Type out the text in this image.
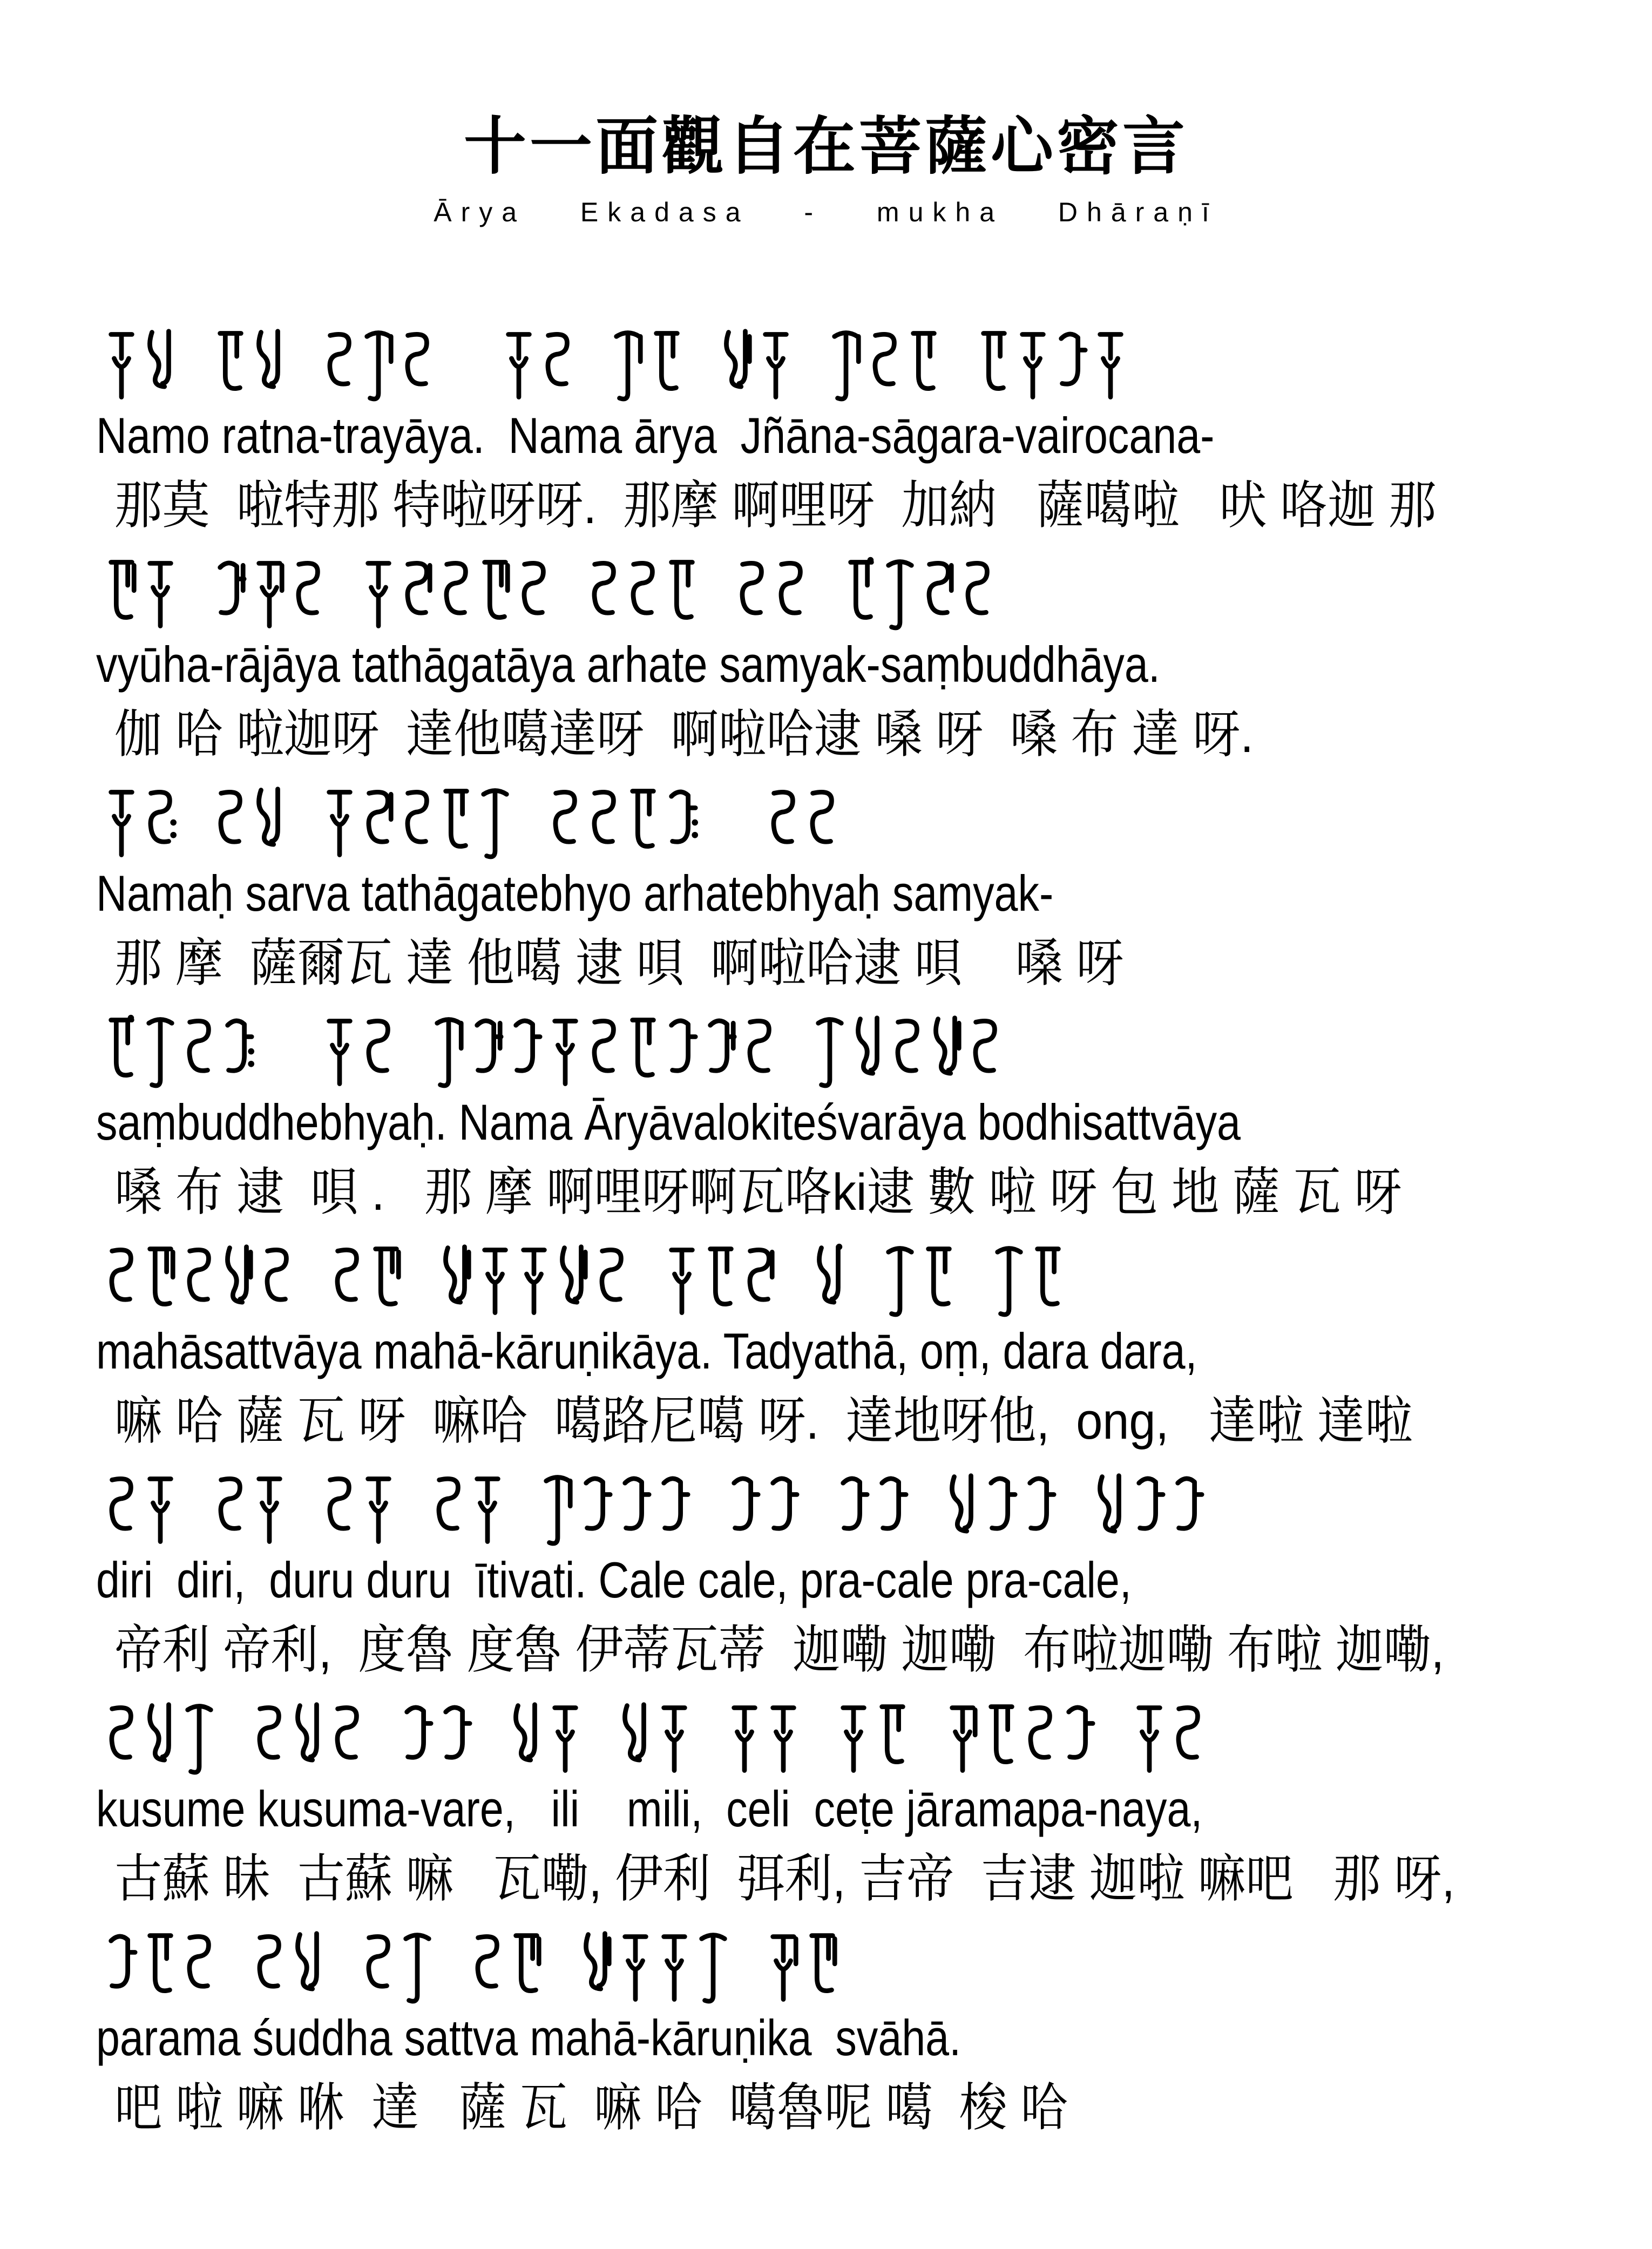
十一面觀自在菩薩心密言
Ārya Ekadasa - mukha Dhāraṇī
Namo ratna-trayāya.  Nama ārya  Jñāna-sāgara-vairocana-
那莫  啦特那 特啦呀呀.  那摩 啊哩呀  加納   薩噶啦   吠 咯迦 那
vyūha-rājāya tathāgatāya arhate samyak-saṃbuddhāya.
伽 哈 啦迦呀  達他噶達呀  啊啦哈逮 嗓 呀  嗓 布 達 呀.
Namaḥ sarva tathāgatebhyo arhatebhyaḥ samyak-
那 摩  薩爾瓦 達 他噶 逮 唄  啊啦哈逮 唄    嗓 呀
saṃbuddhebhyaḥ. Nama Āryāvalokiteśvarāya bodhisattvāya
嗓 布 逮  唄 .   那 摩 啊哩呀啊瓦咯ki逮 數 啦 呀 包 地 薩 瓦 呀
mahāsattvāya mahā-kāruṇikāya. Tadyathā, oṃ, dara dara,
嘛 哈 薩 瓦 呀  嘛哈  噶路尼噶 呀.  達地呀他,  ong,   達啦 達啦
diri  diri,  duru duru  ītivati. Cale cale, pra-cale pra-cale,
帝利 帝利,  度魯 度魯 伊蒂瓦蒂  迦嘞 迦嘞  布啦迦嘞 布啦 迦嘞,
kusume kusuma-vare,   ili    mili,  celi  ceṭe jāramapa-naya,
古蘇 昧  古蘇 嘛   瓦嘞, 伊利  弭利, 吉帝  吉逮 迦啦 嘛吧   那 呀,
parama śuddha sattva mahā-kāruṇika  svāhā.
吧 啦 嘛 咻  達   薩 瓦  嘛 哈  噶魯呢 噶  梭 哈
